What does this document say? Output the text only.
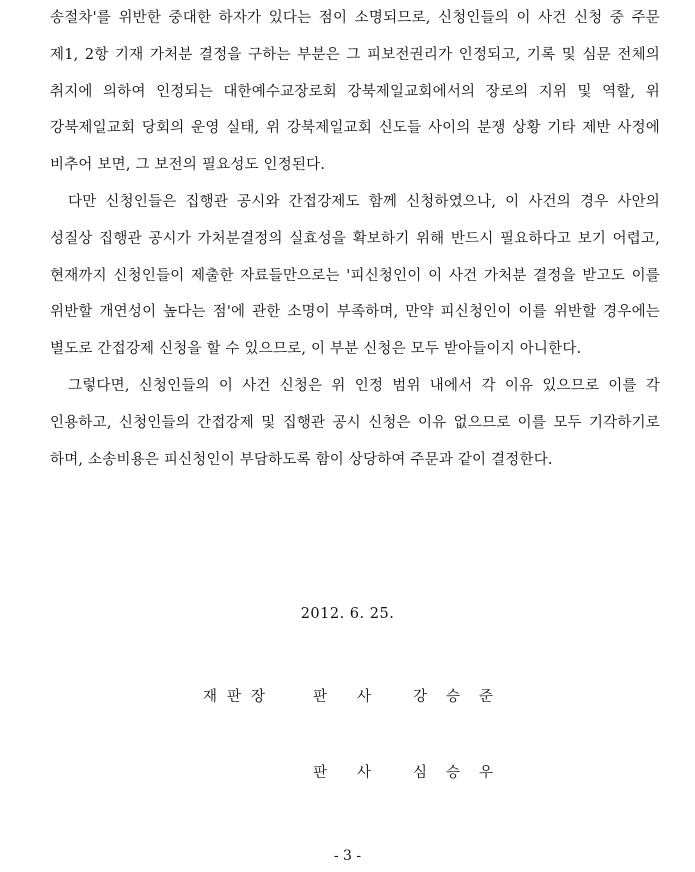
송절차'를 위반한 중대한 하자가 있다는 점이 소명되므로, 신청인들의 이 사건 신청 중 주문 제1, 2항 기재 가처분 결정을 구하는 부분은 그 피보전권리가 인정되고, 기록 및 심문 전체의 취지에 의하여 인정되는 대한예수교장로회 강북제일교회에서의 장로의 지위 및 역할, 위 강북제일교회 당회의 운영 실태, 위 강북제일교회 신도들 사이의 분쟁 상황 기타 제반 사정에 비추어 보면, 그 보전의 필요성도 인정된다.

다만 신청인들은 집행관 공시와 간접강제도 함께 신청하였으나, 이 사건의 경우 사안의 성질상 집행관 공시가 가처분결정의 실효성을 확보하기 위해 반드시 필요하다고 보기 어렵고, 현재까지 신청인들이 제출한 자료들만으로는 '피신청인이 이 사건 가처분 결정을 받고도 이를 위반할 개연성이 높다는 점'에 관한 소명이 부족하며, 만약 피신청인이 이를 위반할 경우에는 별도로 간접강제 신청을 할 수 있으므로, 이 부분 신청은 모두 받아들이지 아니한다.

그렇다면, 신청인들의 이 사건 신청은 위 인정 범위 내에서 각 이유 있으므로 이를 각 인용하고, 신청인들의 간접강제 및 집행관 공시 신청은 이유 없으므로 이를 모두 기각하기로 하며, 소송비용은 피신청인이 부담하도록 함이 상당하여 주문과 같이 결정한다.

2012. 6. 25.
재판장	판사 강승준
판사 심승우
- 3 -
